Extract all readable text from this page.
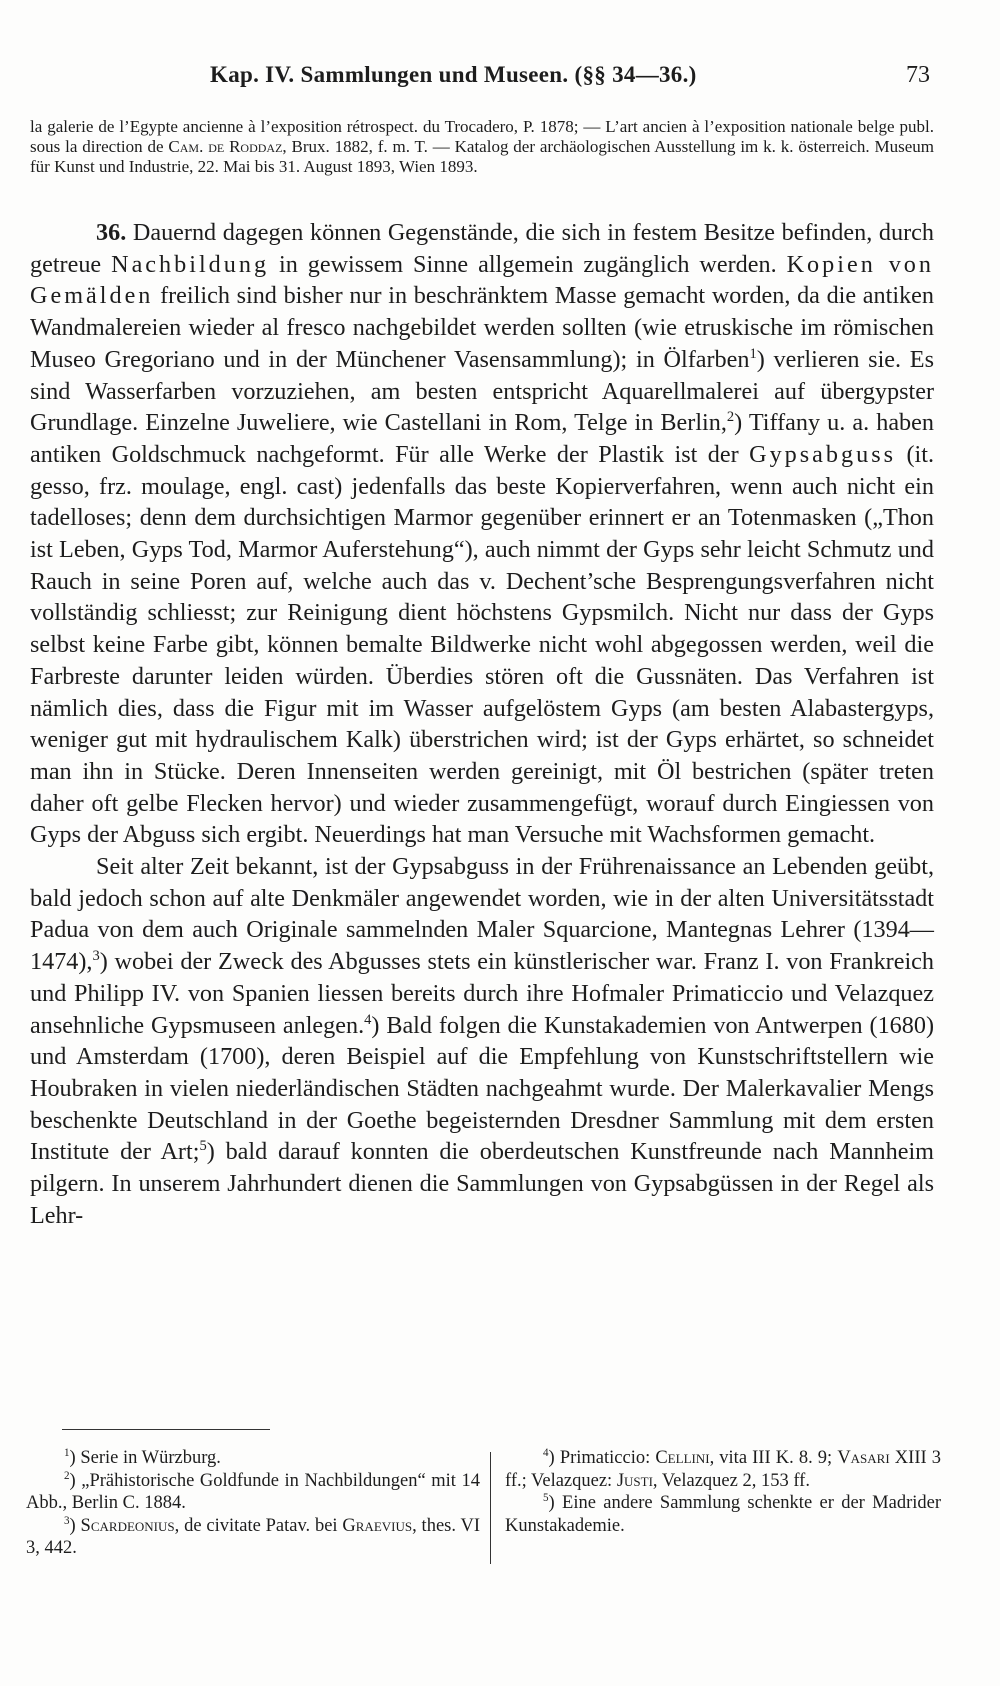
Kap. IV. Sammlungen und Museen. (§§ 34—36.)	73

la galerie de l’Egypte ancienne à l’exposition rétrospect. du Trocadero, P. 1878; — L’art ancien à l’exposition nationale belge publ. sous la direction de Cam. de Roddaz, Brux. 1882, f. m. T. — Katalog der archäologischen Ausstellung im k. k. österreich. Museum für Kunst und Industrie, 22. Mai bis 31. August 1893, Wien 1893.

36. Dauernd dagegen können Gegenstände, die sich in festem Besitze befinden, durch getreue Nachbildung in gewissem Sinne allgemein zugänglich werden. Kopien von Gemälden freilich sind bisher nur in beschränktem Masse gemacht worden, da die antiken Wandmalereien wieder al fresco nachgebildet werden sollten (wie etruskische im römischen Museo Gregoriano und in der Münchener Vasensammlung); in Ölfarben$^1$) verlieren sie. Es sind Wasserfarben vorzuziehen, am besten entspricht Aquarellmalerei auf übergypster Grundlage. Einzelne Juweliere, wie Castellani in Rom, Telge in Berlin,$^2$) Tiffany u. a. haben antiken Goldschmuck nachgeformt. Für alle Werke der Plastik ist der Gypsabguss (it. gesso, frz. moulage, engl. cast) jedenfalls das beste Kopierverfahren, wenn auch nicht ein tadelloses; denn dem durchsichtigen Marmor gegenüber erinnert er an Totenmasken („Thon ist Leben, Gyps Tod, Marmor Auferstehung“), auch nimmt der Gyps sehr leicht Schmutz und Rauch in seine Poren auf, welche auch das v. Dechent’sche Besprengungsverfahren nicht vollständig schliesst; zur Reinigung dient höchstens Gypsmilch. Nicht nur dass der Gyps selbst keine Farbe gibt, können bemalte Bildwerke nicht wohl abgegossen werden, weil die Farbreste darunter leiden würden. Überdies stören oft die Gussnäten. Das Verfahren ist nämlich dies, dass die Figur mit im Wasser aufgelöstem Gyps (am besten Alabastergyps, weniger gut mit hydraulischem Kalk) überstrichen wird; ist der Gyps erhärtet, so schneidet man ihn in Stücke. Deren Innenseiten werden gereinigt, mit Öl bestrichen (später treten daher oft gelbe Flecken hervor) und wieder zusammengefügt, worauf durch Eingiessen von Gyps der Abguss sich ergibt. Neuerdings hat man Versuche mit Wachsformen gemacht.

Seit alter Zeit bekannt, ist der Gypsabguss in der Frührenaissance an Lebenden geübt, bald jedoch schon auf alte Denkmäler angewendet worden, wie in der alten Universitätsstadt Padua von dem auch Originale sammelnden Maler Squarcione, Mantegnas Lehrer (1394—1474),$^3$) wobei der Zweck des Abgusses stets ein künstlerischer war. Franz I. von Frankreich und Philipp IV. von Spanien liessen bereits durch ihre Hofmaler Primaticcio und Velazquez ansehnliche Gypsmuseen anlegen.$^4$) Bald folgen die Kunstakademien von Antwerpen (1680) und Amsterdam (1700), deren Beispiel auf die Empfehlung von Kunstschriftstellern wie Houbraken in vielen niederländischen Städten nachgeahmt wurde. Der Malerkavalier Mengs beschenkte Deutschland in der Goethe begeisternden Dresdner Sammlung mit dem ersten Institute der Art;$^5$) bald darauf konnten die oberdeutschen Kunstfreunde nach Mannheim pilgern. In unserem Jahrhundert dienen die Sammlungen von Gypsabgüssen in der Regel als Lehr-

$^1$) Serie in Würzburg.

$^2$) „Prähistorische Goldfunde in Nachbildungen“ mit 14 Abb., Berlin C. 1884.

$^3$) Scardeonius, de civitate Patav. bei Graevius, thes. VI 3, 442.

$^4$) Primaticcio: Cellini, vita III K. 8. 9; Vasari XIII 3 ff.; Velazquez: Justi, Velazquez 2, 153 ff.

$^5$) Eine andere Sammlung schenkte er der Madrider Kunstakademie.
